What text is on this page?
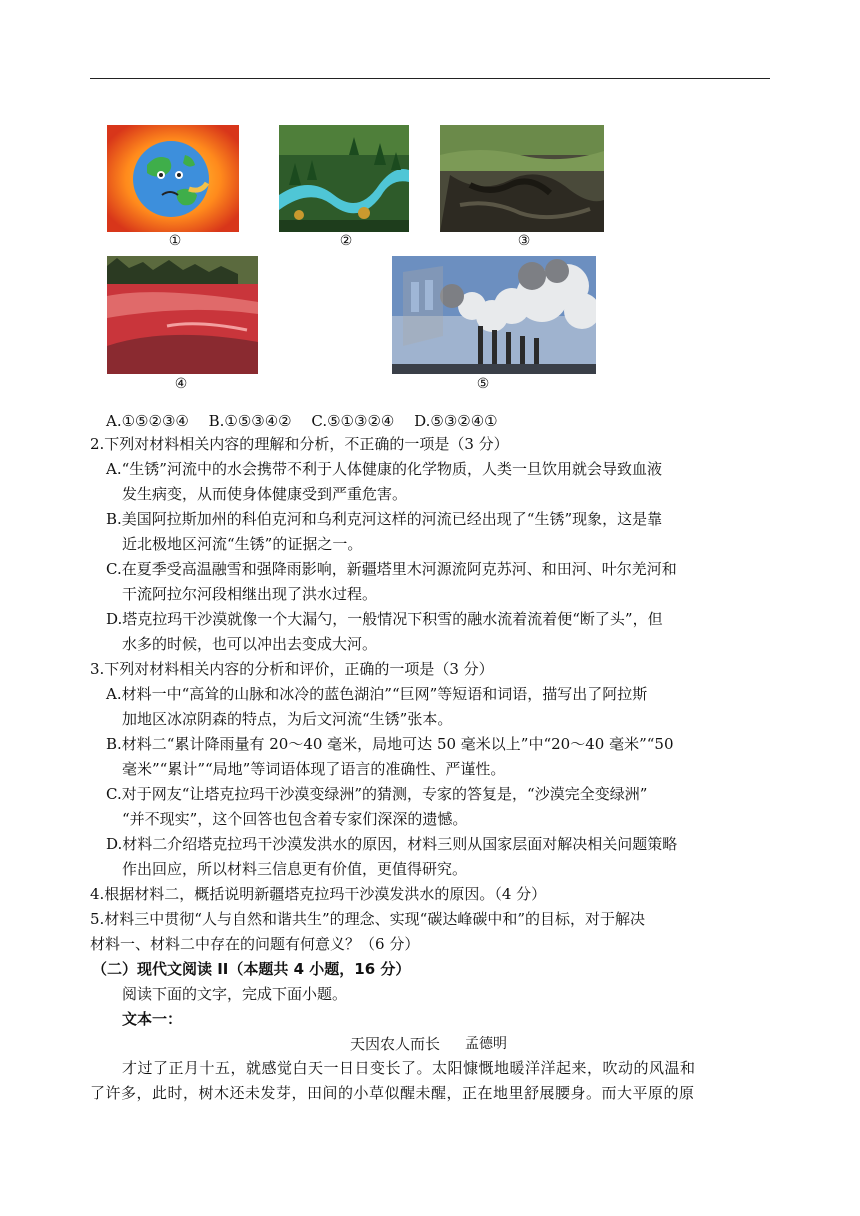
①	②	③
④	⑤
A.①⑤②③④　 B.①⑤③④②　 C.⑤①③②④　 D.⑤③②④①
2.下列对材料相关内容的理解和分析，不正确的一项是（3 分）
A.“生锈”河流中的水会携带不利于人体健康的化学物质，人类一旦饮用就会导致血液
发生病变，从而使身体健康受到严重危害。
B.美国阿拉斯加州的科伯克河和乌利克河这样的河流已经出现了“生锈”现象，这是靠
近北极地区河流“生锈”的证据之一。
C.在夏季受高温融雪和强降雨影响，新疆塔里木河源流阿克苏河、和田河、叶尔羌河和
干流阿拉尔河段相继出现了洪水过程。
D.塔克拉玛干沙漠就像一个大漏勺，一般情况下积雪的融水流着流着便“断了头”，但
水多的时候，也可以冲出去变成大河。
3.下列对材料相关内容的分析和评价，正确的一项是（3 分）
A.材料一中“高耸的山脉和冰冷的蓝色湖泊”“巨网”等短语和词语，描写出了阿拉斯
加地区冰凉阴森的特点，为后文河流“生锈”张本。
B.材料二“累计降雨量有 20～40 毫米，局地可达 50 毫米以上”中“20～40 毫米”“50
毫米”“累计”“局地”等词语体现了语言的准确性、严谨性。
C.对于网友“让塔克拉玛干沙漠变绿洲”的猜测，专家的答复是，“沙漠完全变绿洲”
“并不现实”，这个回答也包含着专家们深深的遗憾。
D.材料二介绍塔克拉玛干沙漠发洪水的原因，材料三则从国家层面对解决相关问题策略
作出回应，所以材料三信息更有价值，更值得研究。
4.根据材料二，概括说明新疆塔克拉玛干沙漠发洪水的原因。（4 分）
5.材料三中贯彻“人与自然和谐共生”的理念、实现“碳达峰碳中和”的目标，对于解决
材料一、材料二中存在的问题有何意义？（6 分）
（二）现代文阅读 II（本题共 4 小题，16 分）
阅读下面的文字，完成下面小题。
文本一：
天因农人而长 孟德明
才过了正月十五，就感觉白天一日日变长了。太阳慷慨地暖洋洋起来，吹动的风温和
了许多，此时，树木还未发芽，田间的小草似醒未醒，正在地里舒展腰身。而大平原的原
